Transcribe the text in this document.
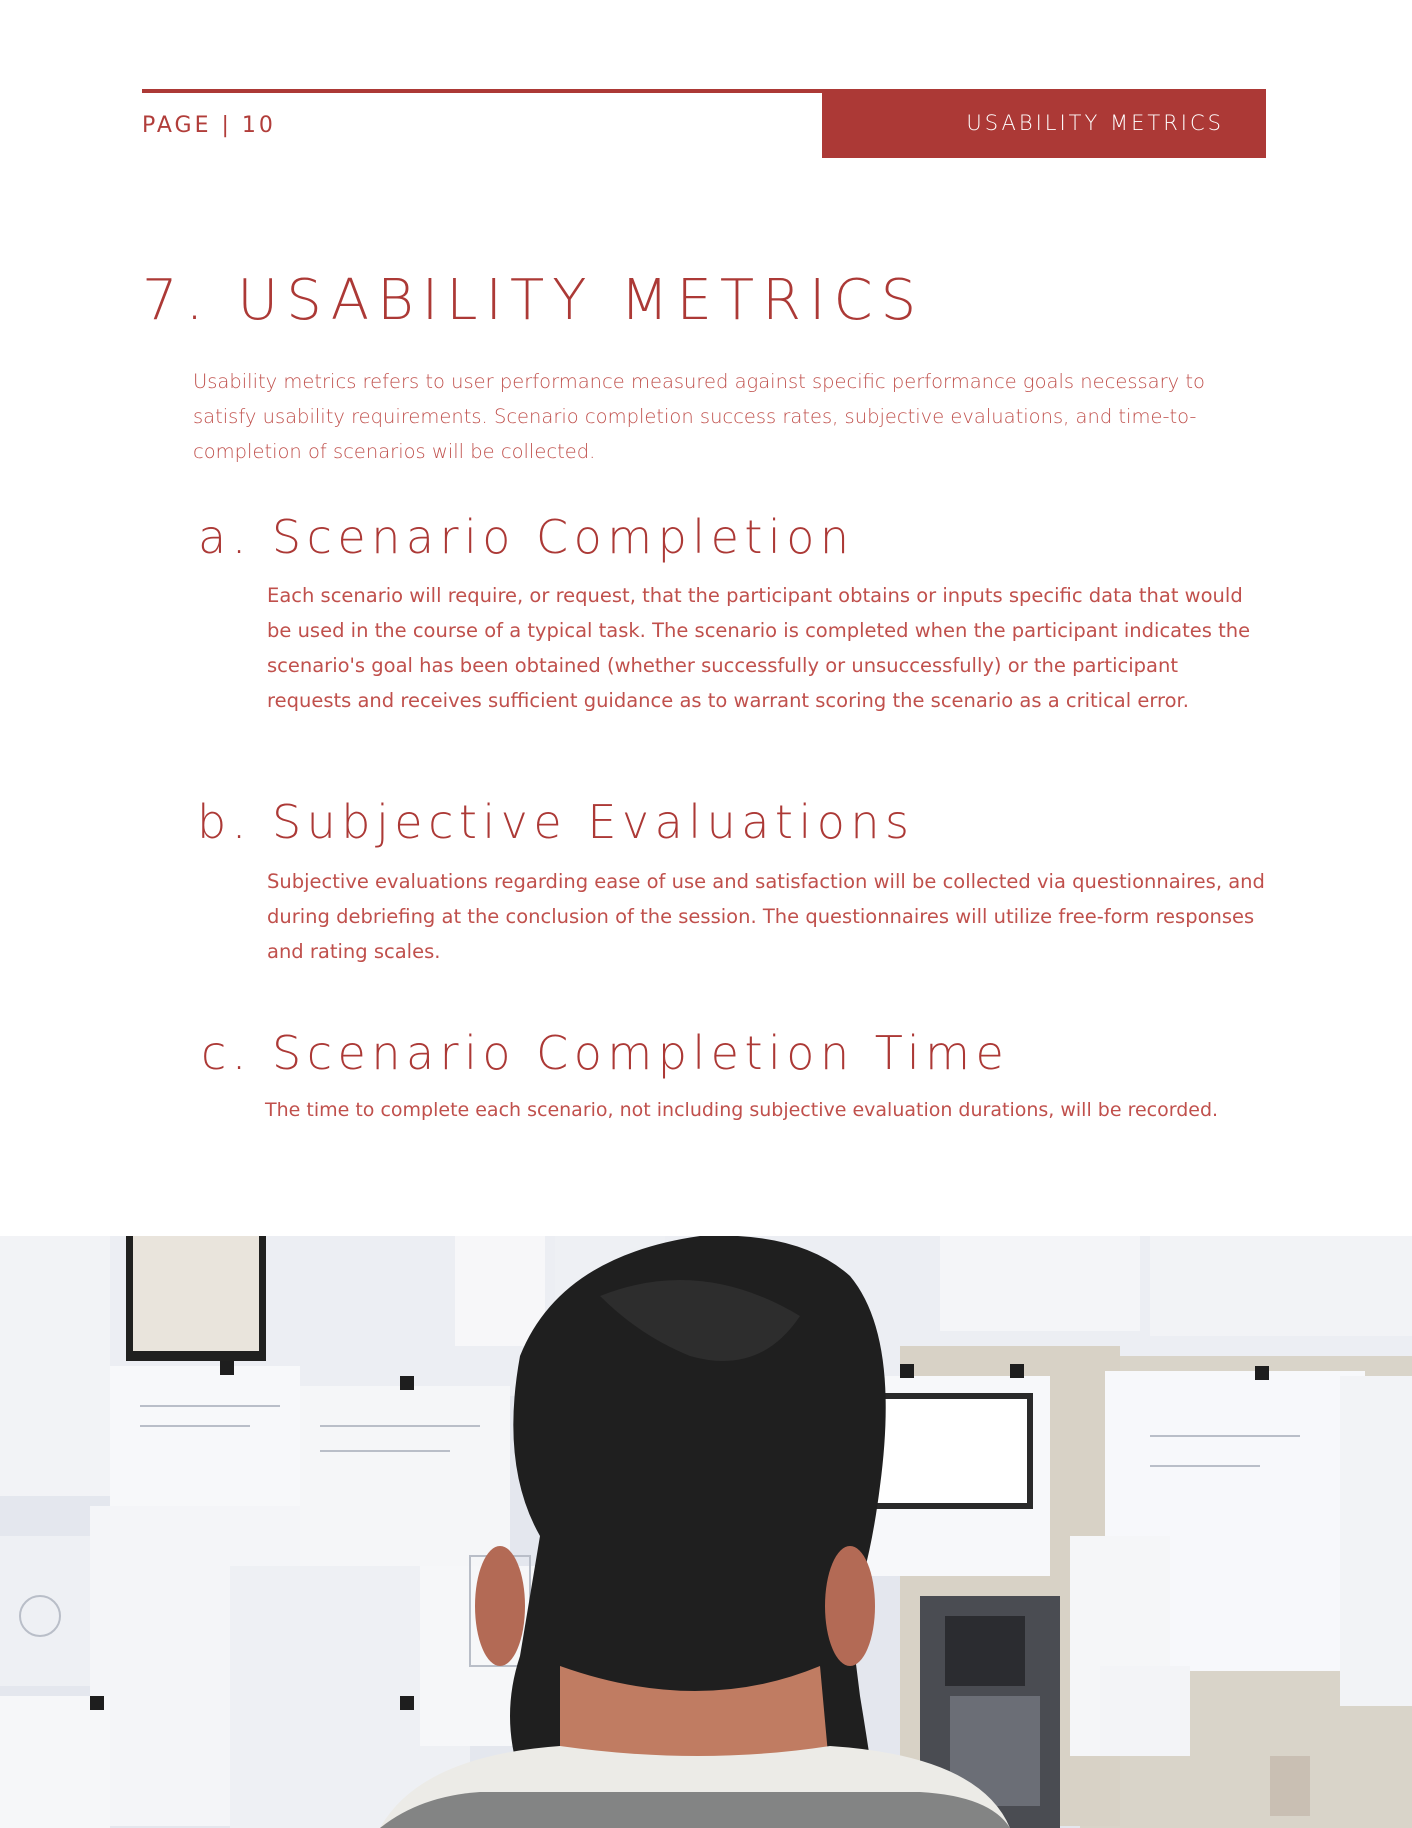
PAGE | 10	USABILITY METRICS
7. USABILITY METRICS

Usability metrics refers to user performance measured against specific performance goals necessary to satisfy usability requirements. Scenario completion success rates, subjective evaluations, and time-to-completion of scenarios will be collected.

a. Scenario Completion

Each scenario will require, or request, that the participant obtains or inputs specific data that would be used in the course of a typical task. The scenario is completed when the participant indicates the scenario's goal has been obtained (whether successfully or unsuccessfully) or the participant requests and receives sufficient guidance as to warrant scoring the scenario as a critical error.

b. Subjective Evaluations

Subjective evaluations regarding ease of use and satisfaction will be collected via questionnaires, and during debriefing at the conclusion of the session. The questionnaires will utilize free-form responses and rating scales.

c. Scenario Completion Time

The time to complete each scenario, not including subjective evaluation durations, will be recorded.
